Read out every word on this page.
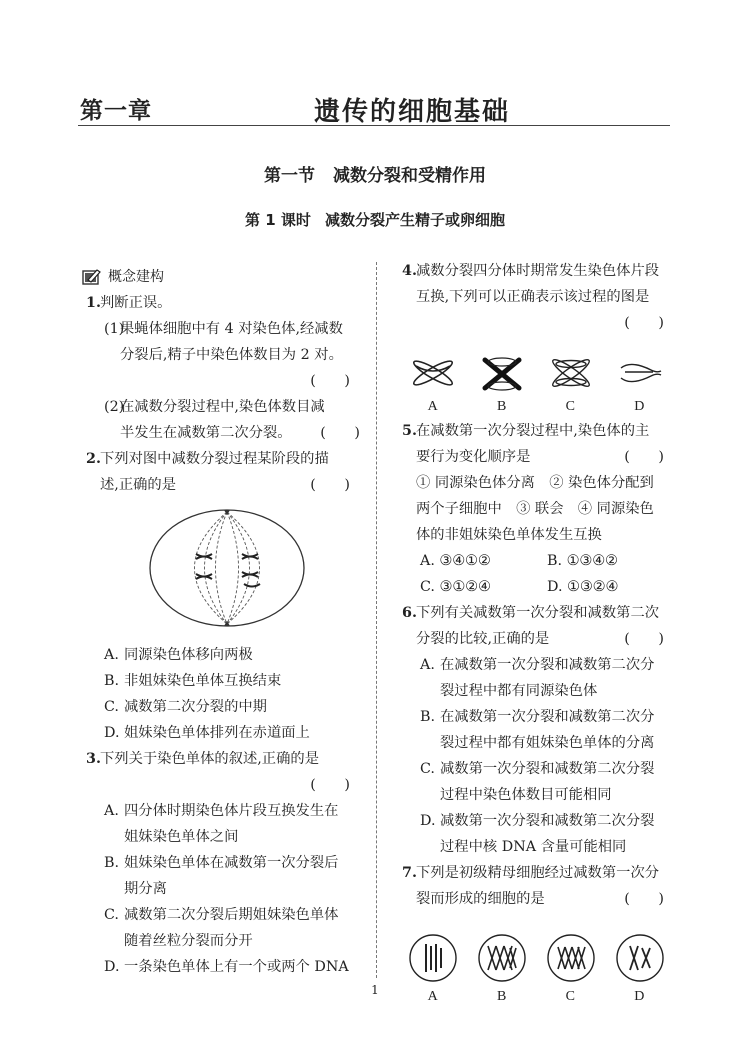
第一章	遗传的细胞基础
第一节 减数分裂和受精作用
第 1 课时 减数分裂产生精子或卵细胞
概念建构
1. 判断正误。
(1)
果蝇体细胞中有 4 对染色体,经减数
分裂后,精子中染色体数目为 2 对。
(　　)
(2)
在减数分裂过程中,染色体数目减
半发生在减数第二次分裂。 (　　)
2. 下列对图中减数分裂过程某阶段的描
述,正确的是	(　　)
A. 同源染色体移向两极
B. 非姐妹染色单体互换结束
C. 减数第二次分裂的中期
D. 姐妹染色单体排列在赤道面上
3. 下列关于染色单体的叙述,正确的是
(　　)
A. 四分体时期染色体片段互换发生在
姐妹染色单体之间
B. 姐妹染色单体在减数第一次分裂后
期分离
C. 减数第二次分裂后期姐妹染色单体
随着丝粒分裂而分开
D. 一条染色单体上有一个或两个 DNA
4. 减数分裂四分体时期常发生染色体片段
互换,下列可以正确表示该过程的图是
(　　)
A	B	C	D
5. 在减数第一次分裂过程中,染色体的主
要行为变化顺序是	(　　)
① 同源染色体分离　② 染色体分配到
两个子细胞中　③ 联会　④ 同源染色
体的非姐妹染色单体发生互换
A. ③④①②	B. ①③④②
C. ③①②④	D. ①③②④
6. 下列有关减数第一次分裂和减数第二次
分裂的比较,正确的是	(　　)
A. 在减数第一次分裂和减数第二次分
裂过程中都有同源染色体
B. 在减数第一次分裂和减数第二次分
裂过程中都有姐妹染色单体的分离
C. 减数第一次分裂和减数第二次分裂
过程中染色体数目可能相同
D. 减数第一次分裂和减数第二次分裂
过程中核 DNA 含量可能相同
7. 下列是初级精母细胞经过减数第一次分
裂而形成的细胞的是	(　　)
A	B	C	D
1
